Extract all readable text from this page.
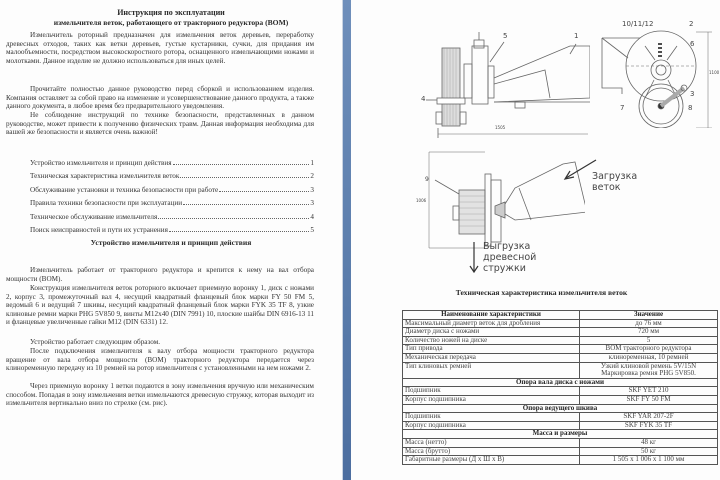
Инструкция по эксплуатации
измельчителя веток, работающего от тракторного редуктора (ВОМ)
Измельчитель роторный предназначен для измельчения веток деревьев, переработку древесных отходов, таких как ветки деревьев, густые кустарники, сучки, для придания им малообъемности, посредством высокоскоростного ротора, оснащенного измельчающими ножами и молотками. Данное изделие не должно использоваться для иных целей.
Прочитайте полностью данное руководство перед сборкой и использованием изделия. Компания оставляет за собой право на изменение и усовершенствование данного продукта, а также данного документа, в любое время без предварительного уведомления.
Не соблюдение инструкций по технике безопасности, представленных в данном руководстве, может привести к получению физических травм. Данная информация необходима для вашей же безопасности и является очень важной!
Устройство измельчителя и принцип действия	1
Техническая характеристика измельчителя веток	2
Обслуживание установки и техника безопасности при работе	3
Правила техники безопасности при эксплуатации	3
Техническое обслуживание измельчителя	4
Поиск неисправностей и пути их устранения	5
Устройство измельчителя и принцип действия
Измельчитель работает от тракторного редуктора и крепится к нему на вал отбора мощности (ВОМ).
Конструкция измельчителя веток роторного включает приемную воронку 1, диск с ножами 2, корпус 3, промежуточный вал 4, несущий квадратный фланцевый блок марки FY 50 FM 5, ведомый 6 и ведущий 7 шкивы, несущий квадратный фланцевый блок марки FYK 35 TF 8, узкие клиновые ремни марки PHG 5V850 9, винты M12x40 (DIN 7991) 10, плоские шайбы DIN 6916-13 11 и фланцевые увеличенные гайки M12 (DIN 6331) 12.
Устройство работает следующим образом.
После подключения измельчителя к валу отбора мощности тракторного редуктора вращение от вала отбора мощности (ВОМ) тракторного редуктора передается через клиноременную передачу из 10 ремней на ротор измельчителя с установленными на нем ножами 2.
Через приемную воронку 1 ветки подаются в зону измельчения вручную или механическим способом. Попадая в зону измельчения ветки измельчаются древесную стружку, которая выходит из измельчителя вертикально вниз по стрелке (см. рис).
5	1
4
1505
10/11/12	2
6
3
7	8
1100
9
1006
Загрузка
веток
Выгрузка
древесной
стружки
Техническая характеристика измельчителя веток
Наименование характеристики	Значение
Максимальный диаметр веток для дробления	до 76 мм
Диаметр диска с ножами	720 мм
Количество ножей на диске	5
Тип привода	ВОМ тракторного редуктора
Механическая передача	клиноременная, 10 ремней
Тип клиновых ремней	Узкий клиновой ремень 5V/15N
Маркировка ремня PHG 5V850.

Опора вала диска с ножами	
Подшипник	SKF YET 210
Корпус подшипника	SKF FY 50 FM
Опора ведущего шкива	
Подшипник	SKF YAR 207-2F
Корпус подшипника	SKF FYK 35 TF
Масса и размеры	
Масса (нетто)	48 кг
Масса (брутто)	50 кг
Габаритные размеры (Д x Ш x В)	1 505 x 1 006 x 1 100 мм
